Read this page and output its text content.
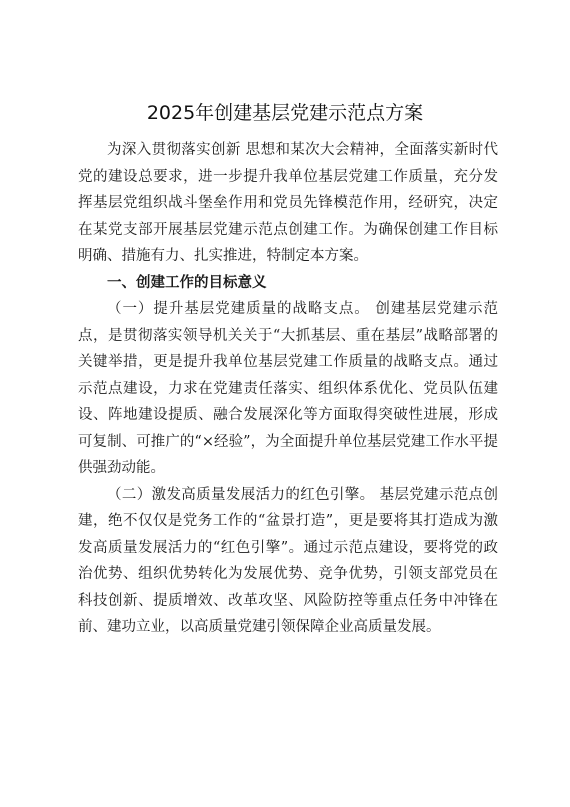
2025年创建基层党建示范点方案

为深入贯彻落实创新 思想和某次大会精神，全面落实新时代党的建设总要求，进一步提升我单位基层党建工作质量，充分发挥基层党组织战斗堡垒作用和党员先锋模范作用，经研究，决定在某党支部开展基层党建示范点创建工作。为确保创建工作目标明确、措施有力、扎实推进，特制定本方案。

一、创建工作的目标意义

（一）提升基层党建质量的战略支点。 创建基层党建示范点，是贯彻落实领导机关关于“大抓基层、重在基层”战略部署的关键举措，更是提升我单位基层党建工作质量的战略支点。通过示范点建设，力求在党建责任落实、组织体系优化、党员队伍建设、阵地建设提质、融合发展深化等方面取得突破性进展，形成可复制、可推广的“×经验”，为全面提升单位基层党建工作水平提供强劲动能。

（二）激发高质量发展活力的红色引擎。 基层党建示范点创建，绝不仅仅是党务工作的“盆景打造”，更是要将其打造成为激发高质量发展活力的“红色引擎”。通过示范点建设，要将党的政治优势、组织优势转化为发展优势、竞争优势，引领支部党员在科技创新、提质增效、改革攻坚、风险防控等重点任务中冲锋在前、建功立业，以高质量党建引领保障企业高质量发展。
